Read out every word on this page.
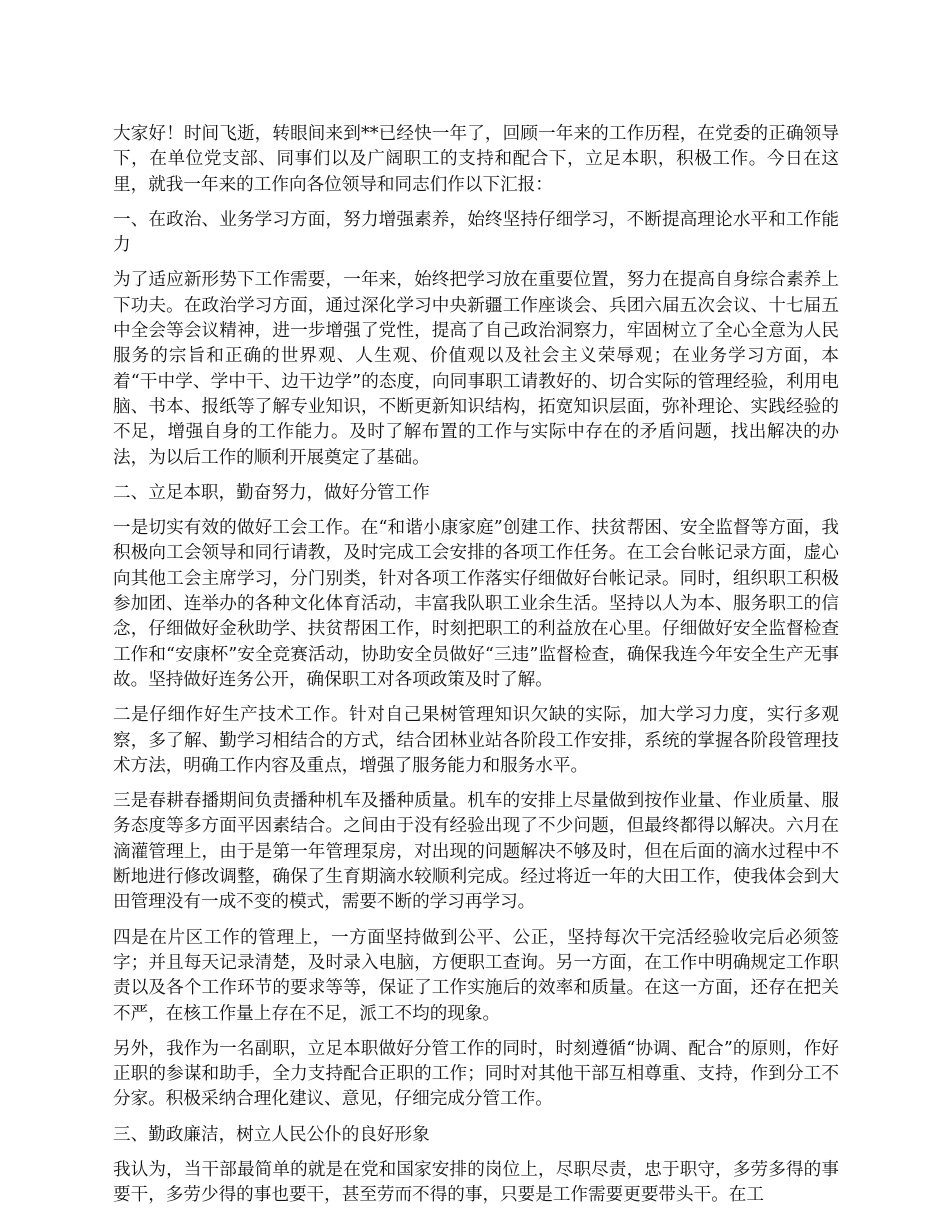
大家好！时间飞逝，转眼间来到**已经快一年了，回顾一年来的工作历程，在党委的正确领导下，在单位党支部、同事们以及广阔职工的支持和配合下，立足本职，积极工作。今日在这里，就我一年来的工作向各位领导和同志们作以下汇报：

一、在政治、业务学习方面，努力增强素养，始终坚持仔细学习，不断提高理论水平和工作能力

为了适应新形势下工作需要，一年来，始终把学习放在重要位置，努力在提高自身综合素养上下功夫。在政治学习方面，通过深化学习中央新疆工作座谈会、兵团六届五次会议、十七届五中全会等会议精神，进一步增强了党性，提高了自己政治洞察力，牢固树立了全心全意为人民服务的宗旨和正确的世界观、人生观、价值观以及社会主义荣辱观；在业务学习方面，本着“干中学、学中干、边干边学”的态度，向同事职工请教好的、切合实际的管理经验，利用电脑、书本、报纸等了解专业知识，不断更新知识结构，拓宽知识层面，弥补理论、实践经验的不足，增强自身的工作能力。及时了解布置的工作与实际中存在的矛盾问题，找出解决的办法，为以后工作的顺利开展奠定了基础。

二、立足本职，勤奋努力，做好分管工作

一是切实有效的做好工会工作。在“和谐小康家庭”创建工作、扶贫帮困、安全监督等方面，我积极向工会领导和同行请教，及时完成工会安排的各项工作任务。在工会台帐记录方面，虚心向其他工会主席学习，分门别类，针对各项工作落实仔细做好台帐记录。同时，组织职工积极参加团、连举办的各种文化体育活动，丰富我队职工业余生活。坚持以人为本、服务职工的信念，仔细做好金秋助学、扶贫帮困工作，时刻把职工的利益放在心里。仔细做好安全监督检查工作和“安康杯”安全竞赛活动，协助安全员做好“三违”监督检查，确保我连今年安全生产无事故。坚持做好连务公开，确保职工对各项政策及时了解。

二是仔细作好生产技术工作。针对自己果树管理知识欠缺的实际，加大学习力度，实行多观察，多了解、勤学习相结合的方式，结合团林业站各阶段工作安排，系统的掌握各阶段管理技术方法，明确工作内容及重点，增强了服务能力和服务水平。

三是春耕春播期间负责播种机车及播种质量。机车的安排上尽量做到按作业量、作业质量、服务态度等多方面平因素结合。之间由于没有经验出现了不少问题，但最终都得以解决。六月在滴灌管理上，由于是第一年管理泵房，对出现的问题解决不够及时，但在后面的滴水过程中不断地进行修改调整，确保了生育期滴水较顺利完成。经过将近一年的大田工作，使我体会到大田管理没有一成不变的模式，需要不断的学习再学习。

四是在片区工作的管理上，一方面坚持做到公平、公正，坚持每次干完活经验收完后必须签字；并且每天记录清楚，及时录入电脑，方便职工查询。另一方面，在工作中明确规定工作职责以及各个工作环节的要求等等，保证了工作实施后的效率和质量。在这一方面，还存在把关不严，在核工作量上存在不足，派工不均的现象。

另外，我作为一名副职，立足本职做好分管工作的同时，时刻遵循“协调、配合”的原则，作好正职的参谋和助手，全力支持配合正职的工作；同时对其他干部互相尊重、支持，作到分工不分家。积极采纳合理化建议、意见，仔细完成分管工作。

三、勤政廉洁，树立人民公仆的良好形象

我认为，当干部最简单的就是在党和国家安排的岗位上，尽职尽责，忠于职守，多劳多得的事要干，多劳少得的事也要干，甚至劳而不得的事，只要是工作需要更要带头干。在工
